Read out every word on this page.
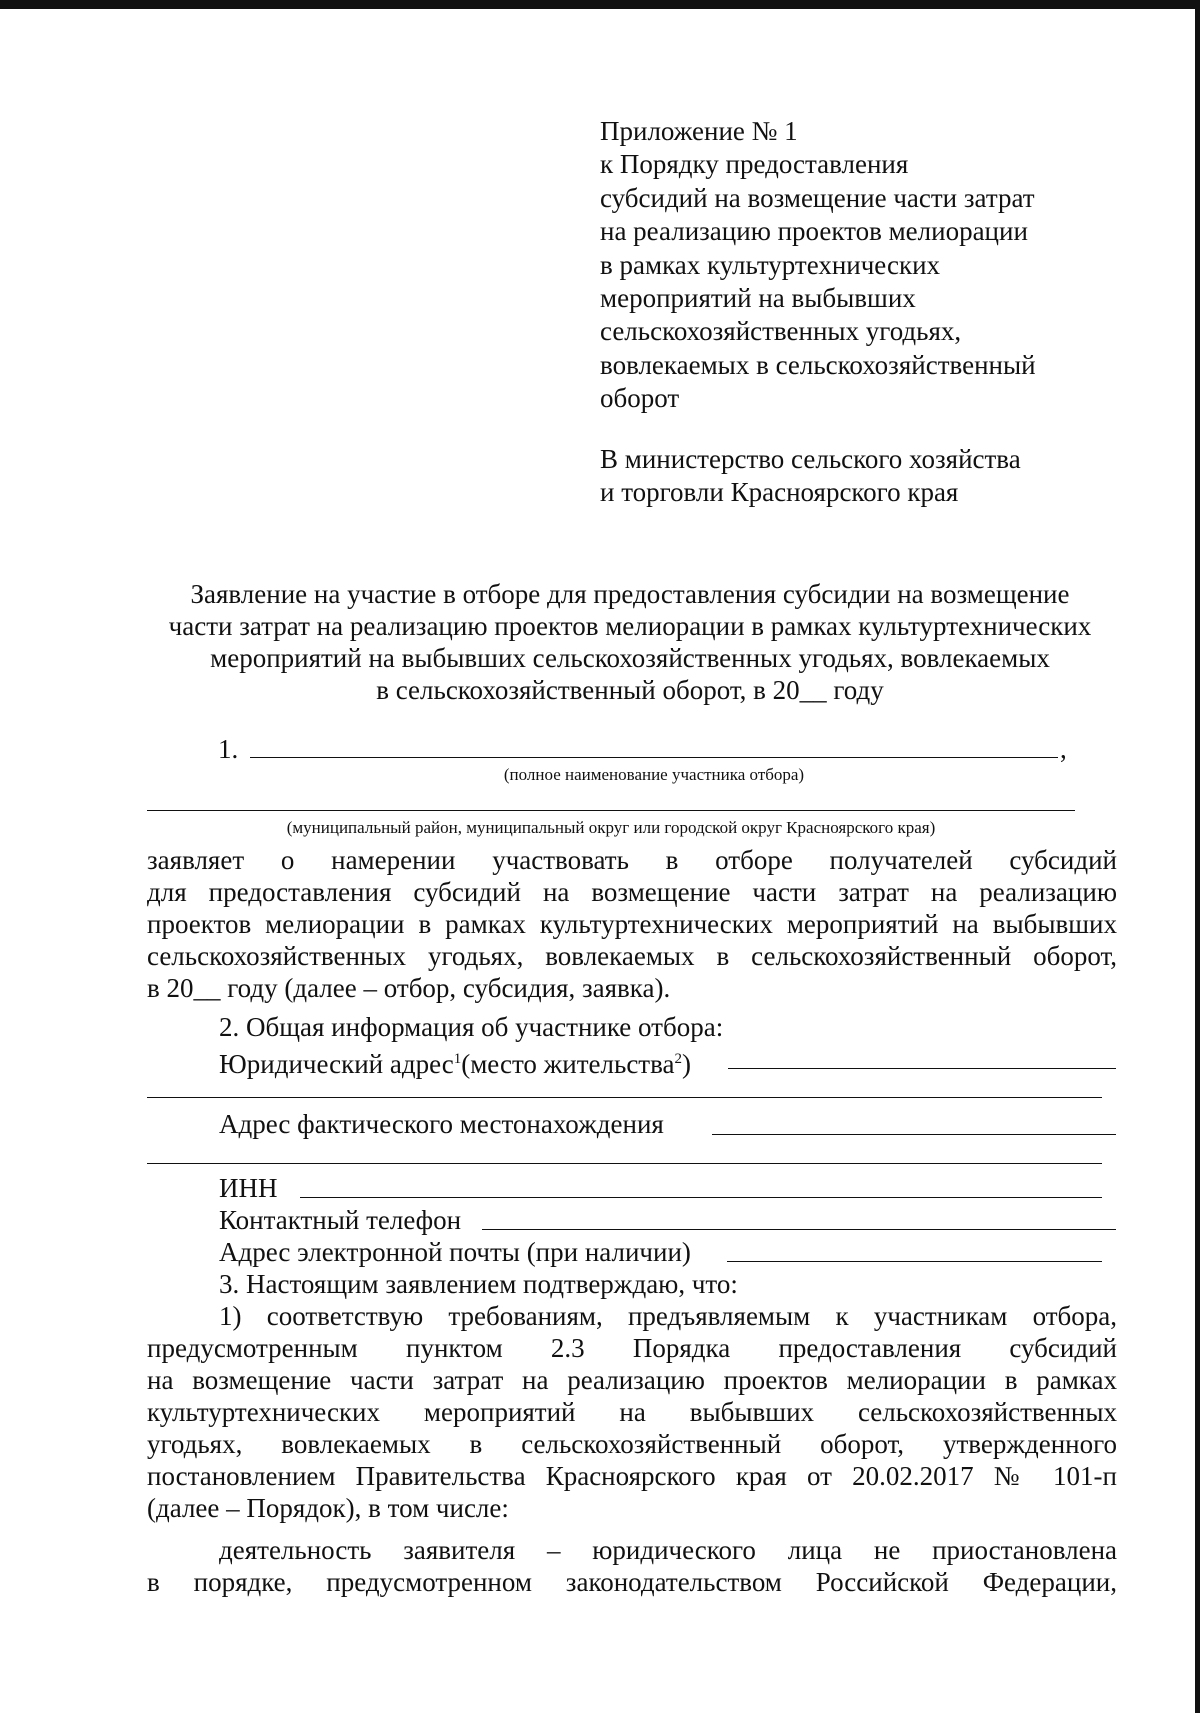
Приложение № 1
к Порядку предоставления
субсидий на возмещение части затрат
на реализацию проектов мелиорации
в рамках культуртехнических
мероприятий на выбывших
сельскохозяйственных угодьях,
вовлекаемых в сельскохозяйственный
оборот
В министерство сельского хозяйства
и торговли Красноярского края
Заявление на участие в отборе для предоставления субсидии на возмещение
части затрат на реализацию проектов мелиорации в рамках культуртехнических
мероприятий на выбывших сельскохозяйственных угодьях, вовлекаемых
в сельскохозяйственный оборот, в 20__ году
1.	,
(полное наименование участника отбора)
(муниципальный район, муниципальный округ или городской округ Красноярского края)
заявляет о намерении участвовать в отборе получателей субсидий
для предоставления субсидий на возмещение части затрат на реализацию
проектов мелиорации в рамках культуртехнических мероприятий на выбывших
сельскохозяйственных угодьях, вовлекаемых в сельскохозяйственный оборот,
в 20__ году (далее – отбор, субсидия, заявка).
2. Общая информация об участнике отбора:
Юридический адрес$^1$(место жительства$^2$)
Адрес фактического местонахождения
ИНН
Контактный телефон
Адрес электронной почты (при наличии)
3. Настоящим заявлением подтверждаю, что:
1) соответствую требованиям, предъявляемым к участникам отбора,
предусмотренным пунктом 2.3 Порядка предоставления субсидий
на возмещение части затрат на реализацию проектов мелиорации в рамках
культуртехнических мероприятий на выбывших сельскохозяйственных
угодьях, вовлекаемых в сельскохозяйственный оборот, утвержденного
постановлением Правительства Красноярского края от 20.02.2017 № 101-п
(далее – Порядок), в том числе:
деятельность заявителя – юридического лица не приостановлена
в порядке, предусмотренном законодательством Российской Федерации,
